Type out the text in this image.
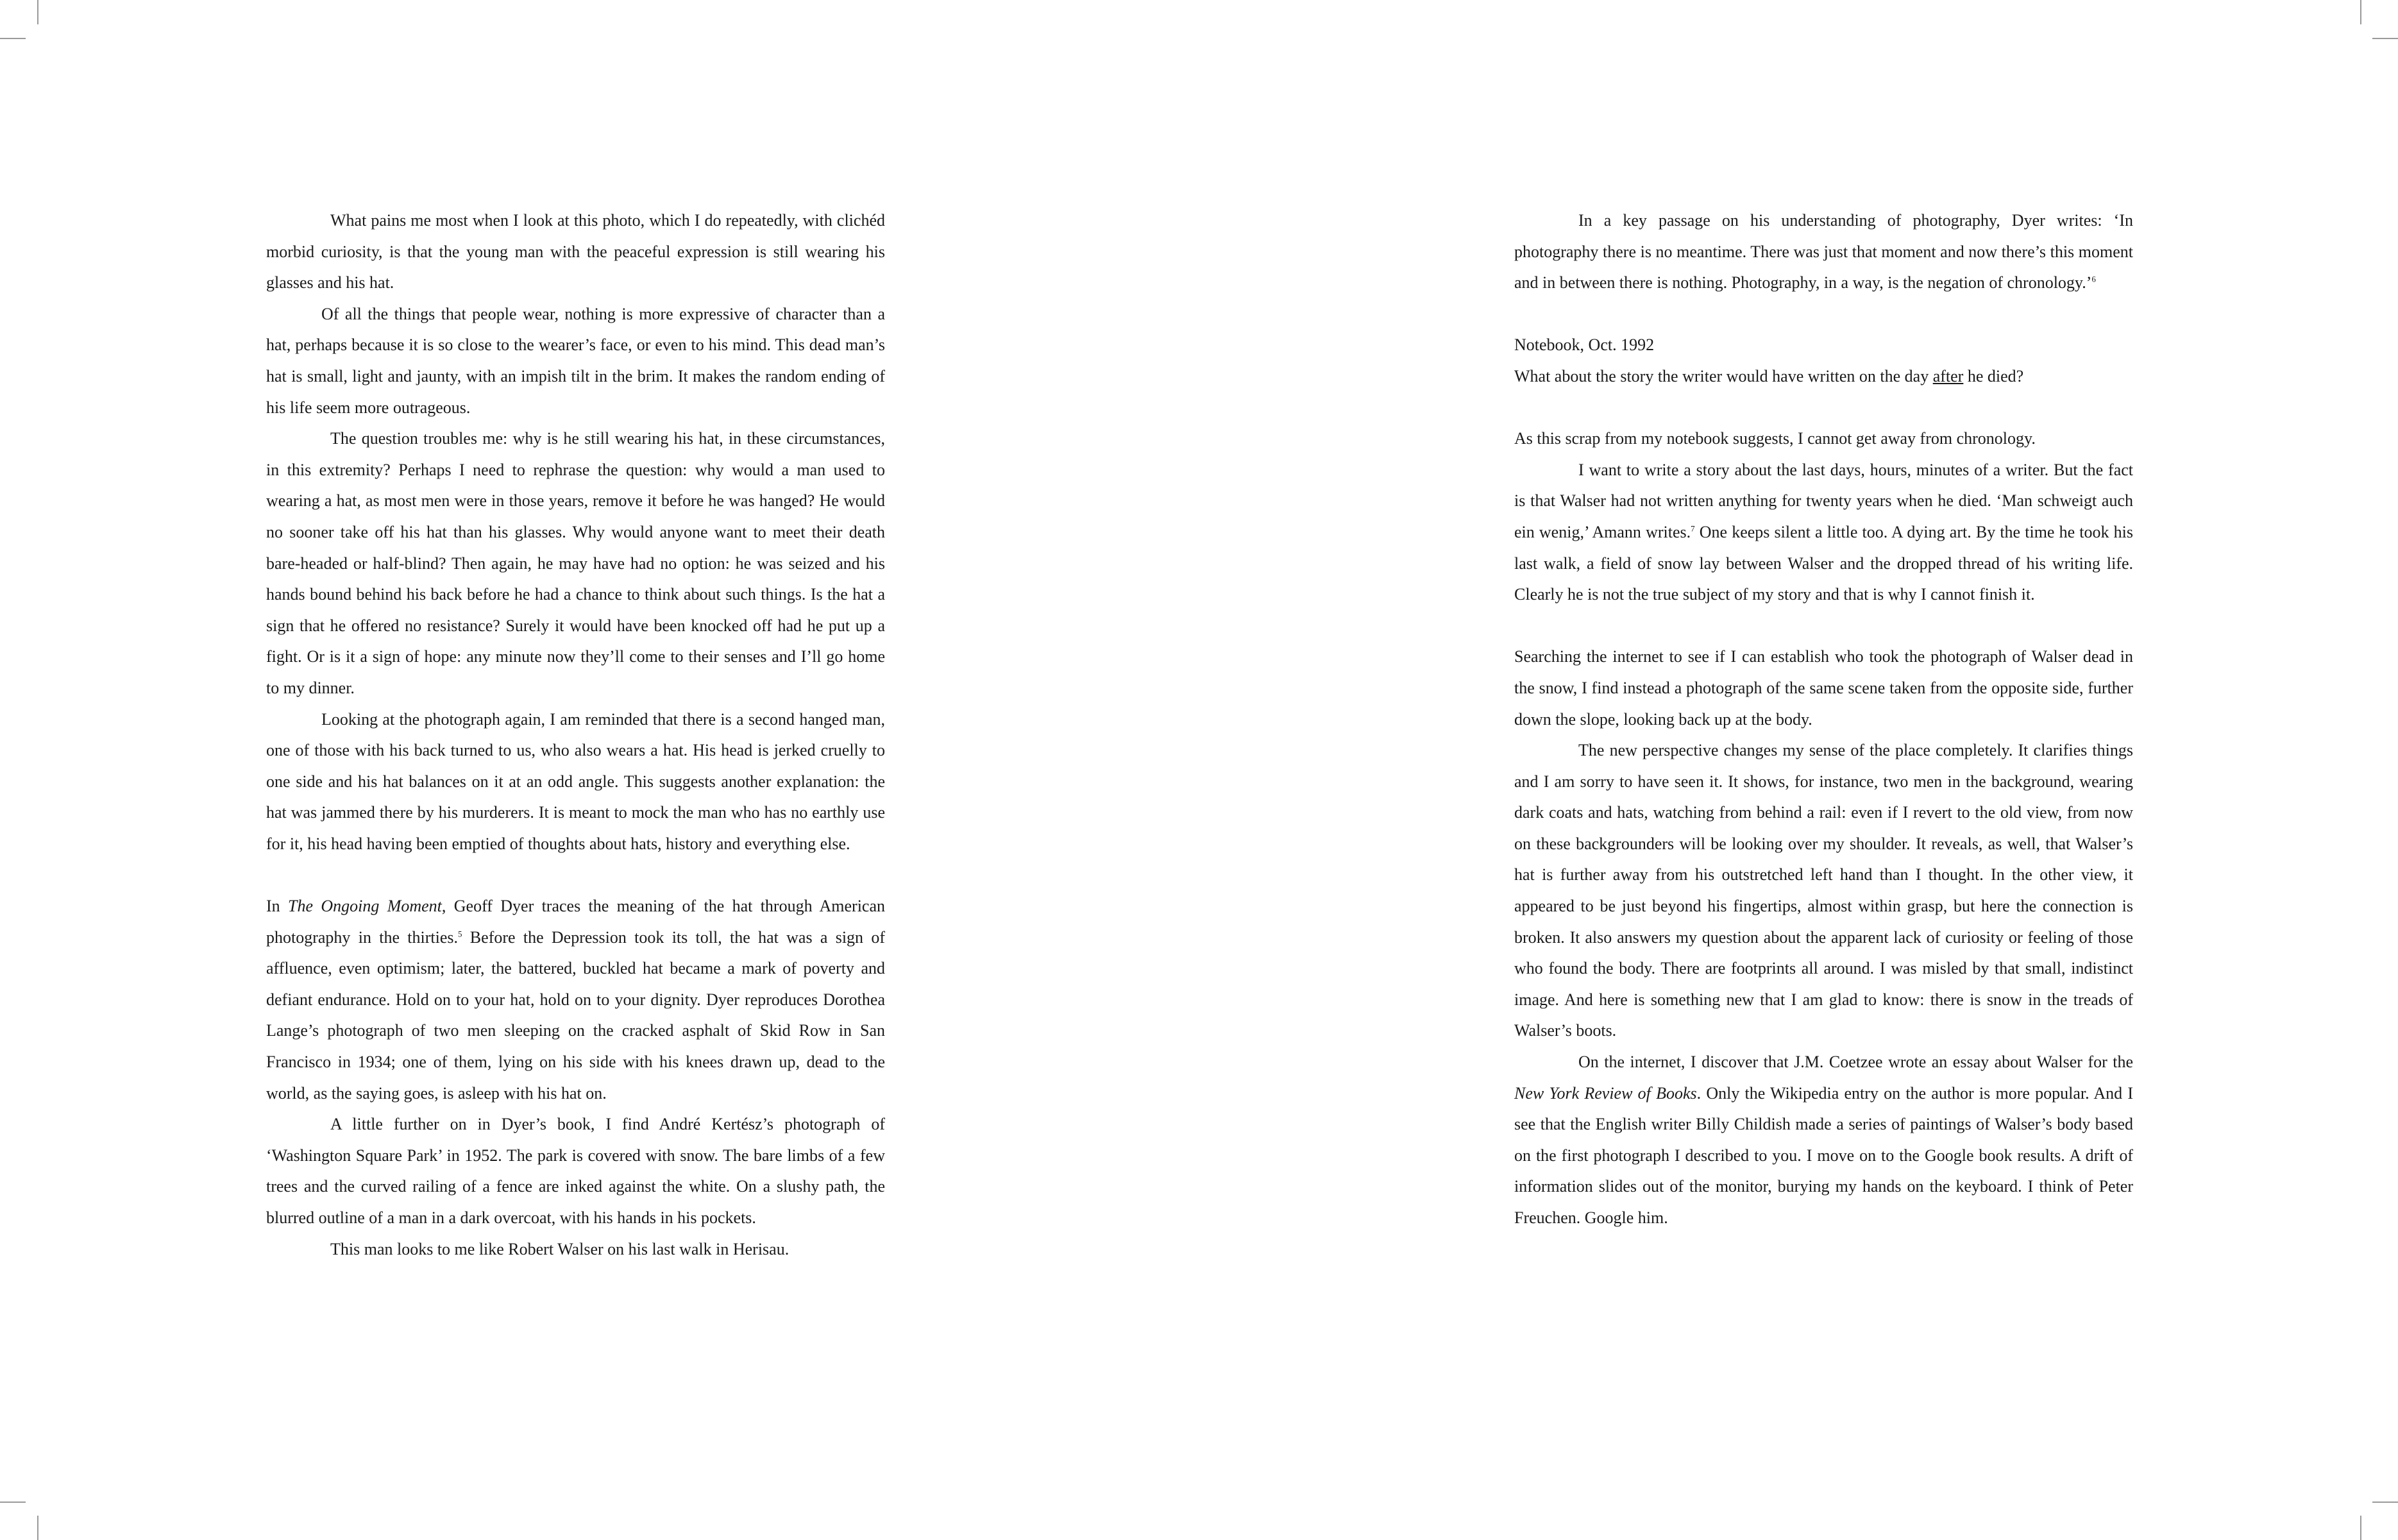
What pains me most when I look at this photo, which I do repeatedly, with clichéd morbid curiosity, is that the young man with the peaceful expression is still wearing his glasses and his hat.

Of all the things that people wear, nothing is more expressive of character than a hat, perhaps because it is so close to the wearer’s face, or even to his mind. This dead man’s hat is small, light and jaunty, with an impish tilt in the brim. It makes the random ending of his life seem more outrageous.

The question troubles me: why is he still wearing his hat, in these circumstances, in this extremity? Perhaps I need to rephrase the question: why would a man used to wearing a hat, as most men were in those years, remove it before he was hanged? He would no sooner take off his hat than his glasses. Why would anyone want to meet their death bare-headed or half-blind? Then again, he may have had no option: he was seized and his hands bound behind his back before he had a chance to think about such things. Is the hat a sign that he offered no resistance? Surely it would have been knocked off had he put up a fight. Or is it a sign of hope: any minute now they’ll come to their senses and I’ll go home to my dinner.

Looking at the photograph again, I am reminded that there is a second hanged man, one of those with his back turned to us, who also wears a hat. His head is jerked cruelly to one side and his hat balances on it at an odd angle. This suggests another explanation: the hat was jammed there by his murderers. It is meant to mock the man who has no earthly use for it, his head having been emptied of thoughts about hats, history and everything else.

In The Ongoing Moment, Geoff Dyer traces the meaning of the hat through American photography in the thirties.$^5$ Before the Depression took its toll, the hat was a sign of affluence, even optimism; later, the battered, buckled hat became a mark of poverty and defiant endurance. Hold on to your hat, hold on to your dignity. Dyer reproduces Dorothea Lange’s photograph of two men sleeping on the cracked asphalt of Skid Row in San Francisco in 1934; one of them, lying on his side with his knees drawn up, dead to the world, as the saying goes, is asleep with his hat on.

A little further on in Dyer’s book, I find André Kertész’s photograph of ‘Washington Square Park’ in 1952. The park is covered with snow. The bare limbs of a few trees and the curved railing of a fence are inked against the white. On a slushy path, the blurred outline of a man in a dark overcoat, with his hands in his pockets.

This man looks to me like Robert Walser on his last walk in Herisau.

In a key passage on his understanding of photography, Dyer writes: ‘In photography there is no meantime. There was just that moment and now there’s this moment and in between there is nothing. Photography, in a way, is the negation of chronology.’$^6$

Notebook, Oct. 1992

What about the story the writer would have written on the day after he died?

As this scrap from my notebook suggests, I cannot get away from chronology.

I want to write a story about the last days, hours, minutes of a writer. But the fact is that Walser had not written anything for twenty years when he died. ‘Man schweigt auch ein wenig,’ Amann writes.$^7$ One keeps silent a little too. A dying art. By the time he took his last walk, a field of snow lay between Walser and the dropped thread of his writing life. Clearly he is not the true subject of my story and that is why I cannot finish it.

Searching the internet to see if I can establish who took the photograph of Walser dead in the snow, I find instead a photograph of the same scene taken from the opposite side, further down the slope, looking back up at the body.

The new perspective changes my sense of the place completely. It clarifies things and I am sorry to have seen it. It shows, for instance, two men in the background, wearing dark coats and hats, watching from behind a rail: even if I revert to the old view, from now on these backgrounders will be looking over my shoulder. It reveals, as well, that Walser’s hat is further away from his outstretched left hand than I thought. In the other view, it appeared to be just beyond his fingertips, almost within grasp, but here the connection is broken. It also answers my question about the apparent lack of curiosity or feeling of those who found the body. There are footprints all around. I was misled by that small, indistinct image. And here is something new that I am glad to know: there is snow in the treads of Walser’s boots.

On the internet, I discover that J.M. Coetzee wrote an essay about Walser for the New York Review of Books. Only the Wikipedia entry on the author is more popular. And I see that the English writer Billy Childish made a series of paintings of Walser’s body based on the first photograph I described to you. I move on to the Google book results. A drift of information slides out of the monitor, burying my hands on the keyboard. I think of Peter Freuchen. Google him.
